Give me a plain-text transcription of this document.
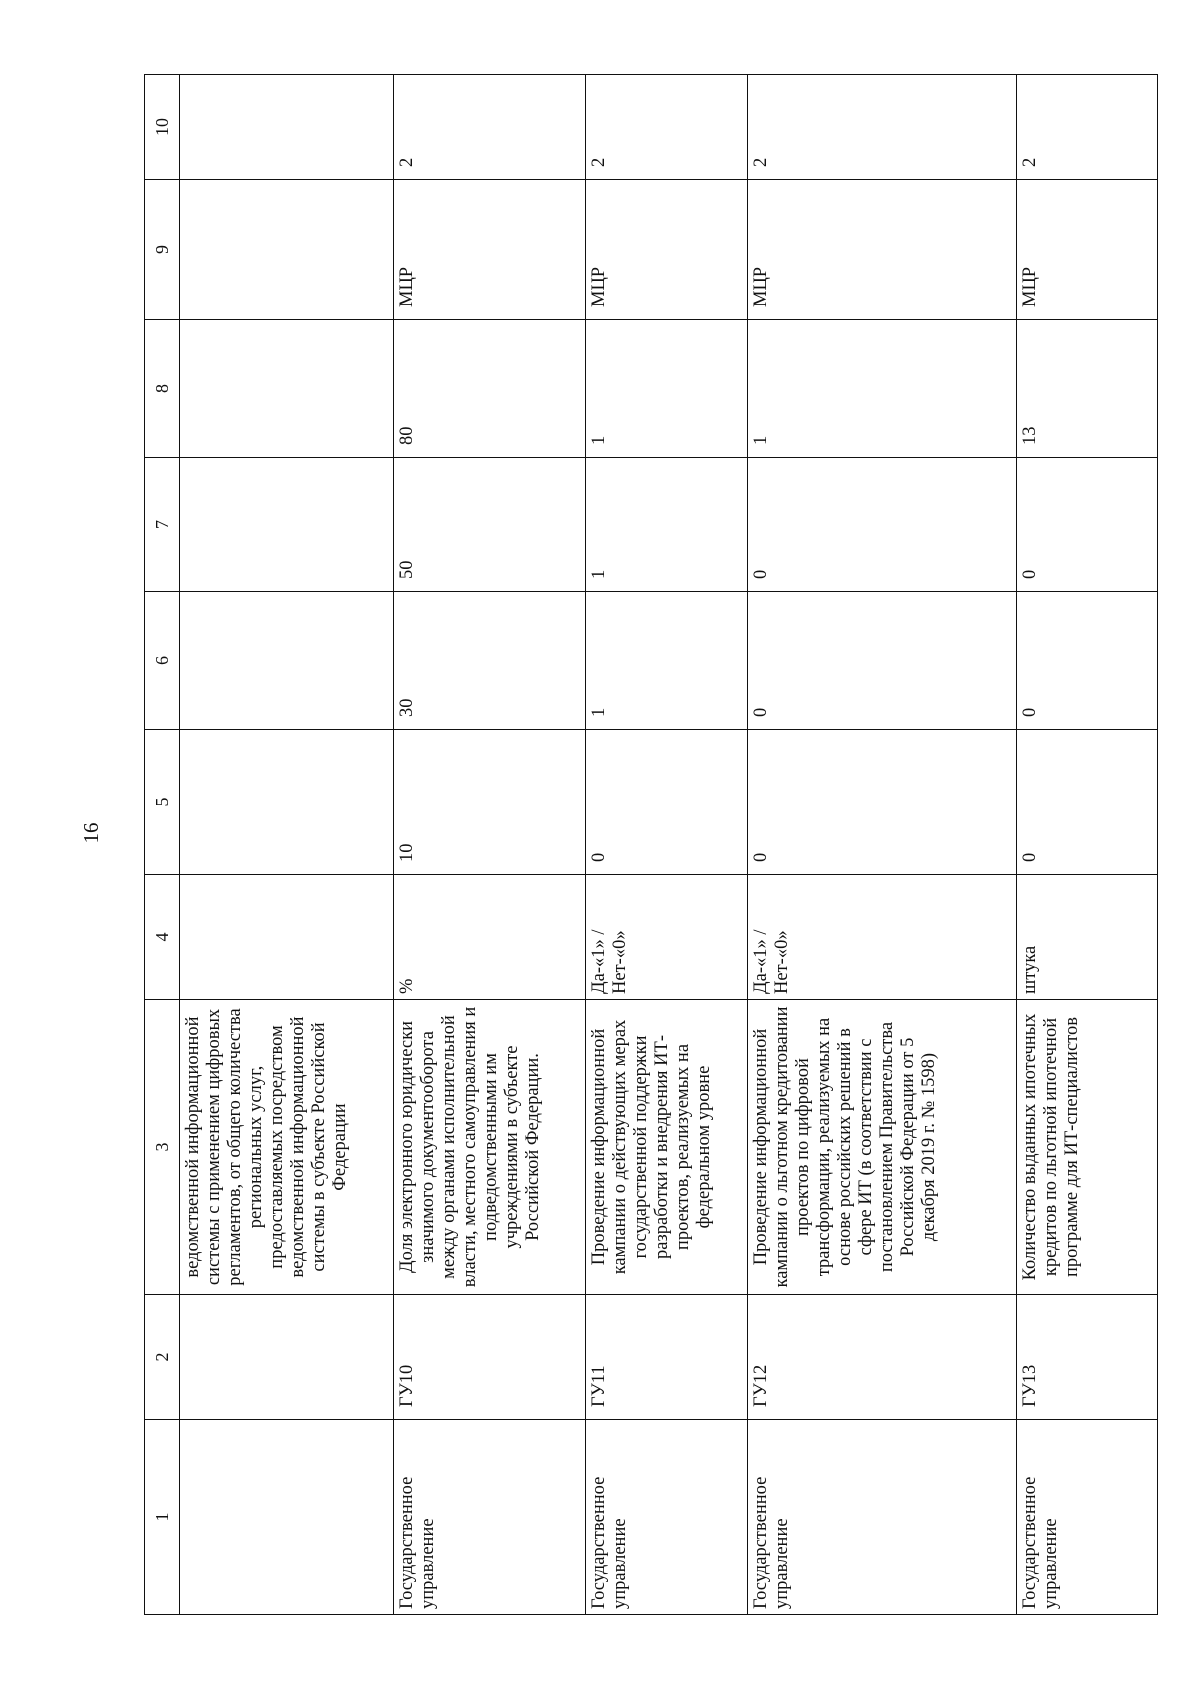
16
1	2	3	4	5	6	7	8	9	10
		ведомственной информационной системы с применением цифровых регламентов, от общего количества региональных услуг, предоставляемых посредством ведомственной информационной системы в субъекте Российской Федерации							
Государственное управление	ГУ10	Доля электронного юридически значимого документооборота между органами исполнительной власти, местного самоуправления и подведомственными им учреждениями в субъекте Российской Федерации.	%	10	30	50	80	МЦР	2
Государственное управление	ГУ11	Проведение информационной кампании о действующих мерах государственной поддержки разработки и внедрения ИТ-проектов, реализуемых на федеральном уровне	Да-«1» / Нет-«0»	0	1	1	1	МЦР	2
Государственное управление	ГУ12	Проведение информационной кампании о льготном кредитовании проектов по цифровой трансформации, реализуемых на основе российских решений в сфере ИТ (в соответствии с постановлением Правительства Российской Федерации от 5 декабря 2019 г. № 1598)	Да-«1» / Нет-«0»	0	0	0	1	МЦР	2
Государственное управление	ГУ13	Количество выданных ипотечных кредитов по льготной ипотечной программе для ИТ-специалистов	штука	0	0	0	13	МЦР	2
